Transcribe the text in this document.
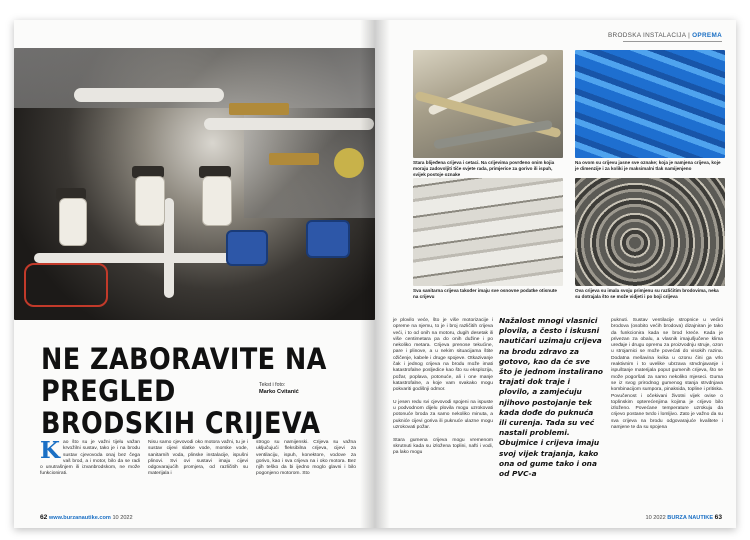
NE ZABORAVITE NA PREGLED BRODSKIH CRIJEVA
Tekst i foto:
Marko Cvitanić
Kao što su je važni tijelu važan krvožilni sustav, tako je i na brodu sustav cjevovoda onaj bez čega vaš brod, a i motor, bilo da se radi o unutrašnjem ili izvanbrodskom, ne može funkcionirati.
Nisu samo cjevovodi oko motora važni, tu je i sustav cijevi slatke vode, morske vode, sanitarnih voda, plinske instalacije, ispušni plinovi. Svi ovi sustavi imaju cijevi odgovarajućih promjera, od različitih su materijala i
strogo su namijenski. Crijeva su važna uključujući fleksibilna crijeva, cijevi za ventilaciju, ispuh, konektore, vodove za gorivo, kao i sva crijeva na i oko motora. Bez njih teško da bi ijedno moglo glavni i bilo pogonjeno motorom. Sto
62 www.burzanautike.com 10 2022
BRODSKA INSTALACIJA | OPREMA
Stara blijeđena crijeva i cetaci. Na crijevima povrđeno onim kojia moraju zadovoljiti tiče svjete rada, primjerice za gorivo ili ispuh, svijek postoje oznake
Na ovom su crijevu jasne sve oznake; koja je namjena crijeva, koje je dimenzije i za koliki je maksimalni tlak namijenjeno
Sva sanitarna crijeva također imaju sve osnovne podatke otisnute na crijevu
Ova crijeva su imala svoju primjenu su različitim brodovima, neka su dotrajala što se može vidjeti i po boji crijeva
je plovilo veće, što je više motorizacije i opreme na njemu, to je i broj različitih crijeva veći, i to od onih na motoru, dugih desetak ili više centimetara pa do onih dužine i po nekoliko metara. Crijeva prenose tekućine, pare i plinove, a u nekim situacijama štite ožičenje, kabele i druge spojeve. Otkazivanje čak i jednog crijeva na brodu može imati katastrofalne posljedice kao što su eksplozija, požar, poplava, potonuće, ali i one manje katastrofalne, a koje vam svakako mogu pokvariti godišnji odmor.

U jesen redu svi cjevovodi spojeni na ispuste u podvodnom dijelu plovila mogu uzrokovati potonuće broda za samo nekoliko minuta, a pukniće cijevi goriva ili puknuće ulazne mogu uzrokovati požar.

Stara gumena crijeva mogu vremenom skrutnuti kada su izložena toplini, nafti i vodi, pa lako mogu
Nažalost mnogi vlasnici plovila, a često i iskusni nautičari uzimaju crijeva na brodu zdravo za gotovo, kao da će sve što je jednom instalirano trajati dok traje i plovilo, a zamjećuju njihovo postojanje tek kada dođe do puknuća ili curenja. Tada su već nastali problemi. Obujmice i crijeva imaju svoj vijek trajanja, kako ona od gume tako i ona od PVC-a
puknuti. Sustav ventilacije stropnice u većini brodova (osobito većih brodova) dizajniran je tako da funkcionira kada se brod kreće. Kada je privezan za obalu, a vlasnik imaju/ljučene klima uređaje i drugu opremu za proizvodnju struje, ozon u strojarnici se može povećati do visokih razina. Dodatna mešavina kvika u ozonu čini ga vrlo reaktivnim i to uvelike ubrzava strvdnjavanje i ispuštanje materijala poput gumenih crijeva, što se može pogoršati za samo nekoliko mjeseci. Guma se iz svog prirodnog gumenog stanja strvdnjava kombinacijom sumpora, pinaksida, topline i pritiska. Povučenost i očekivani životni vijek ovise o toplinskim opterećenjima kojima je crijevo bilo izloženo. Povećane temperature uzrokuju da crijevo postane tvrdo i lomljivo. Zato je važno da su sva crijeva na brodu odgovarajuće kvalitete i namjene te da su spojena
10 2022 BURZA NAUTIKE 63
